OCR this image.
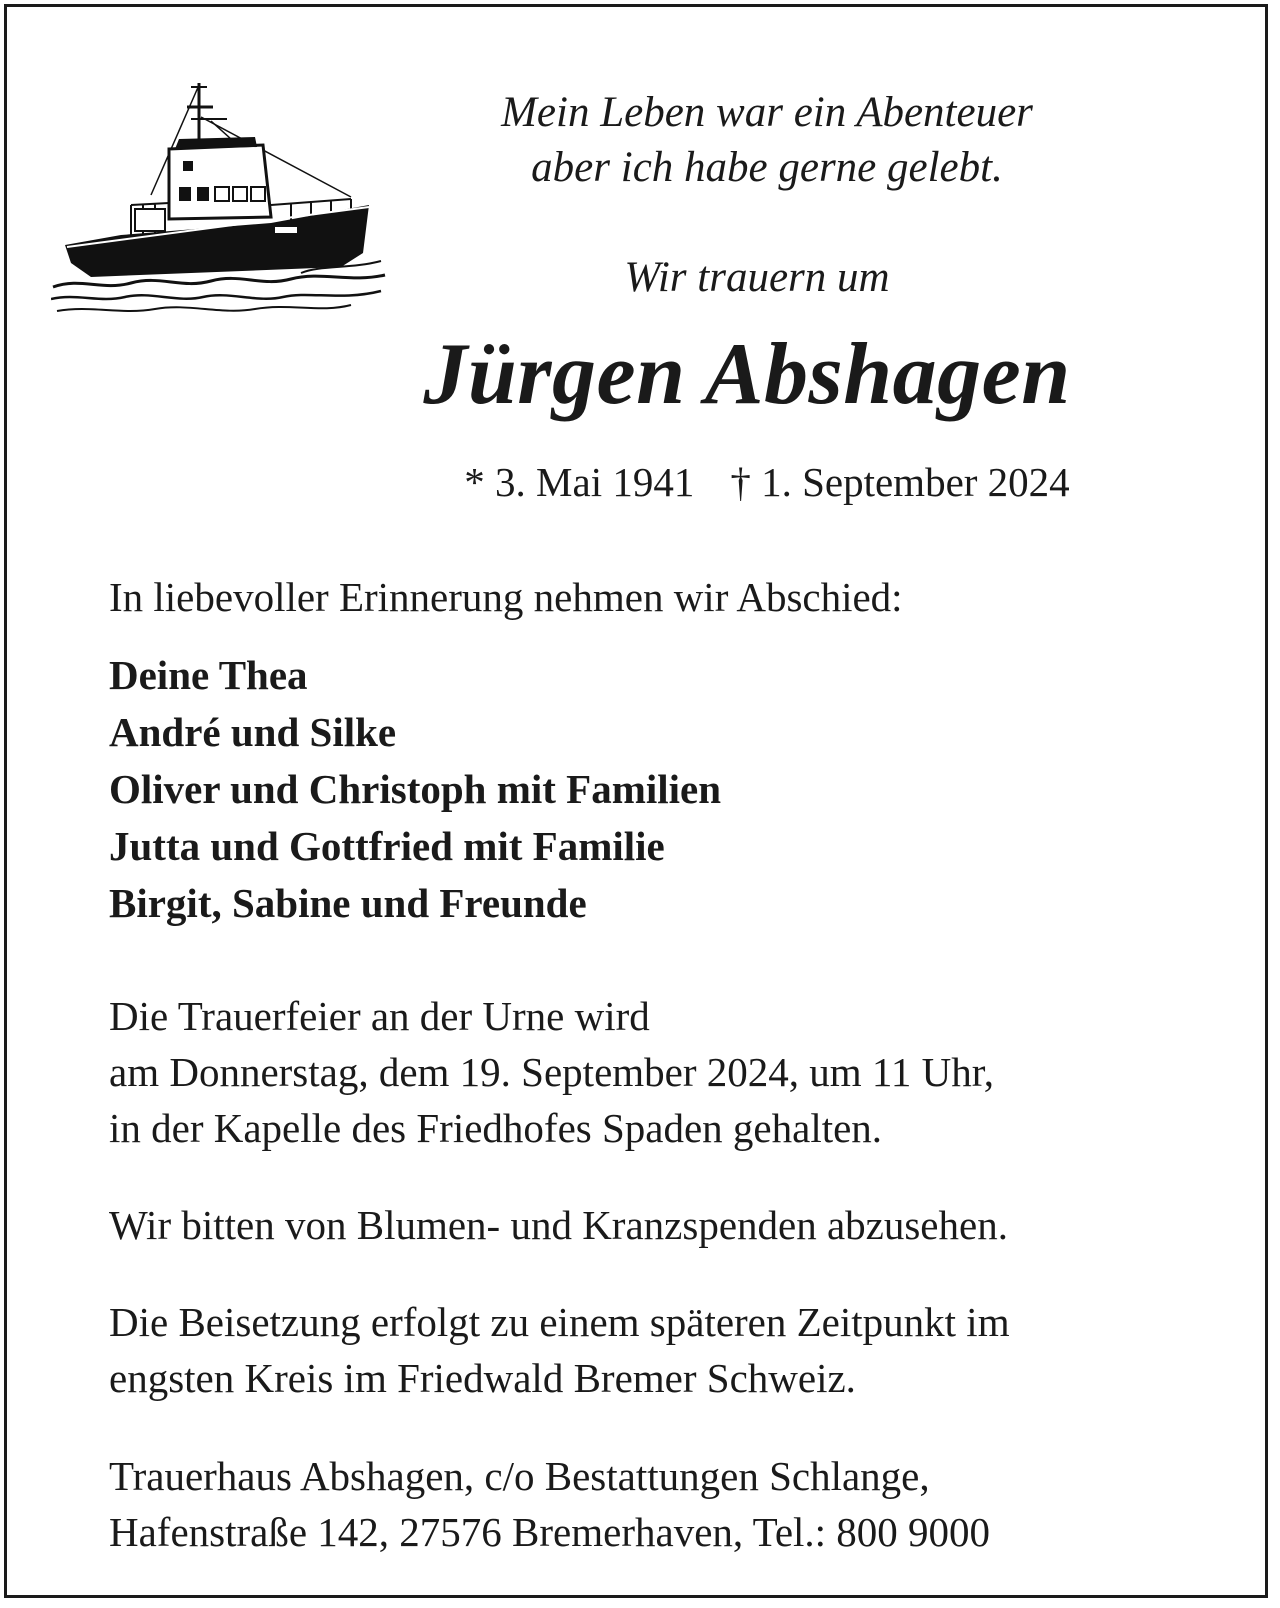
Mein Leben war ein Abenteuer
aber ich habe gerne gelebt.

Wir trauern um

Jürgen Abshagen

* 3. Mai 1941 † 1. September 2024

In liebevoller Erinnerung nehmen wir Abschied:

Deine Thea
André und Silke
Oliver und Christoph mit Familien
Jutta und Gottfried mit Familie
Birgit, Sabine und Freunde

Die Trauerfeier an der Urne wird
am Donnerstag, dem 19. September 2024, um 11 Uhr,
in der Kapelle des Friedhofes Spaden gehalten.

Wir bitten von Blumen- und Kranzspenden abzusehen.

Die Beisetzung erfolgt zu einem späteren Zeitpunkt im
engsten Kreis im Friedwald Bremer Schweiz.

Trauerhaus Abshagen, c/o Bestattungen Schlange,
Hafenstraße 142, 27576 Bremerhaven, Tel.: 800 9000
